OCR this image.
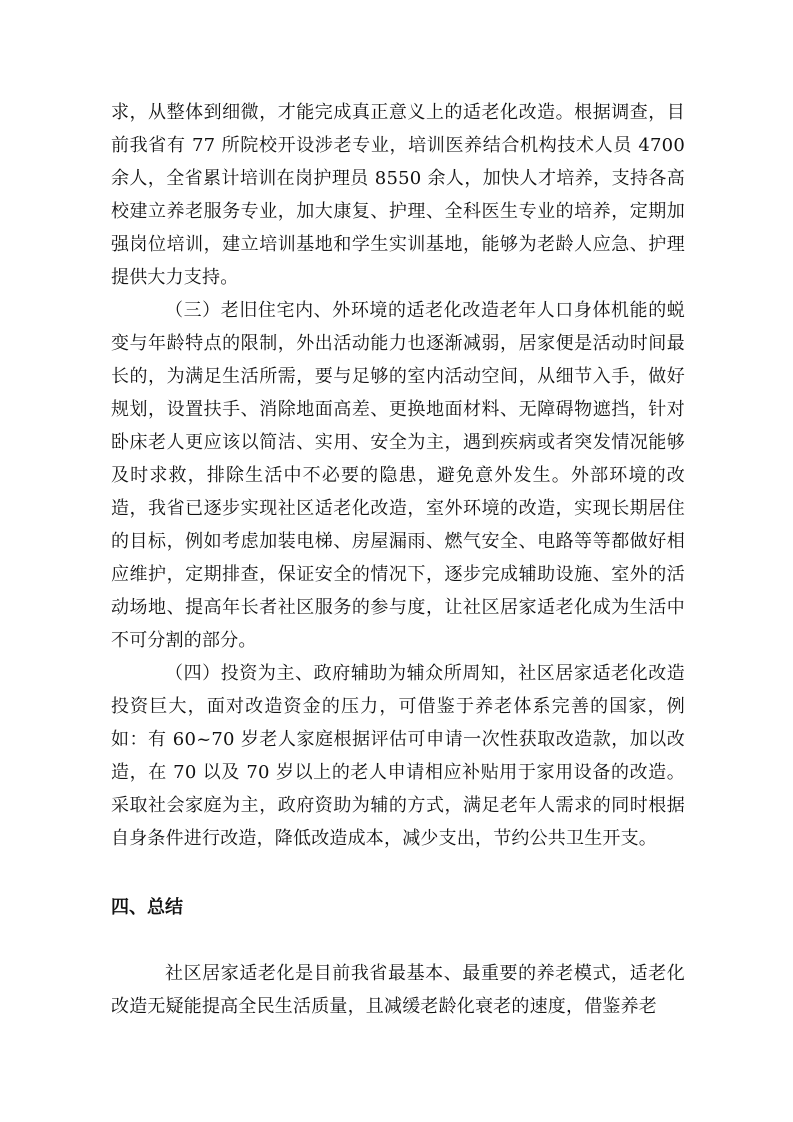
求，从整体到细微，才能完成真正意义上的适老化改造。根据调查，目前我省有 77 所院校开设涉老专业，培训医养结合机构技术人员 4700 余人，全省累计培训在岗护理员 8550 余人，加快人才培养，支持各高校建立养老服务专业，加大康复、护理、全科医生专业的培养，定期加强岗位培训，建立培训基地和学生实训基地，能够为老龄人应急、护理提供大力支持。

（三）老旧住宅内、外环境的适老化改造老年人口身体机能的蜕变与年龄特点的限制，外出活动能力也逐渐减弱，居家便是活动时间最长的，为满足生活所需，要与足够的室内活动空间，从细节入手，做好规划，设置扶手、消除地面高差、更换地面材料、无障碍物遮挡，针对卧床老人更应该以简洁、实用、安全为主，遇到疾病或者突发情况能够及时求救，排除生活中不必要的隐患，避免意外发生。外部环境的改造，我省已逐步实现社区适老化改造，室外环境的改造，实现长期居住的目标，例如考虑加装电梯、房屋漏雨、燃气安全、电路等等都做好相应维护，定期排查，保证安全的情况下，逐步完成辅助设施、室外的活动场地、提高年长者社区服务的参与度，让社区居家适老化成为生活中不可分割的部分。

（四）投资为主、政府辅助为辅众所周知，社区居家适老化改造投资巨大，面对改造资金的压力，可借鉴于养老体系完善的国家，例如：有 60~70 岁老人家庭根据评估可申请一次性获取改造款，加以改造，在 70 以及 70 岁以上的老人申请相应补贴用于家用设备的改造。采取社会家庭为主，政府资助为辅的方式，满足老年人需求的同时根据自身条件进行改造，降低改造成本，减少支出，节约公共卫生开支。

四、总结

社区居家适老化是目前我省最基本、最重要的养老模式，适老化改造无疑能提高全民生活质量，且减缓老龄化衰老的速度，借鉴养老
